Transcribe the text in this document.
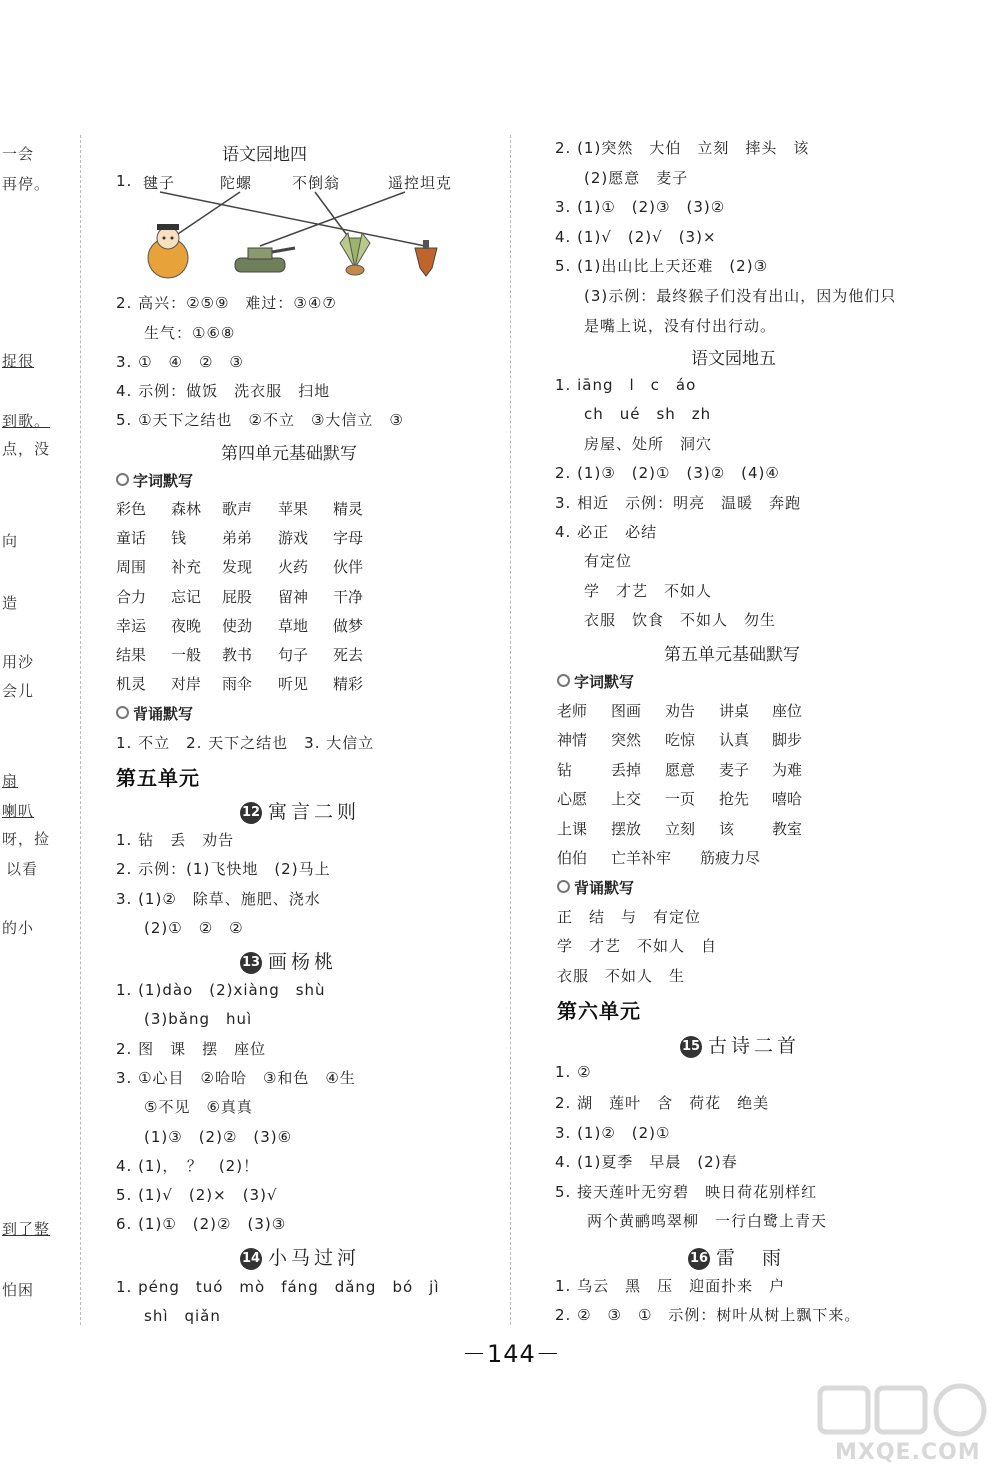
一会
再停。
捉很
到歌。
点，没
向
造
用沙
会儿
扇
喇叭
呀，捡
以看
的小
到了整
怕困
语文园地四
1. 毽子	陀螺	不倒翁	遥控坦克
2. 高兴：②⑤⑨　难过：③④⑦
生气：①⑥⑧
3. ①　④　②　③
4. 示例：做饭　洗衣服　扫地
5. ①天下之结也　②不立　③大信立　③
第四单元基础默写
字词默写
彩色 森林 歌声 苹果 精灵
童话 钱 弟弟 游戏 字母
周围 补充 发现 火药 伙伴
合力 忘记 屁股 留神 干净
幸运 夜晚 使劲 草地 做梦
结果 一般 教书 句子 死去
机灵 对岸 雨伞 听见 精彩
背诵默写
1. 不立　2. 天下之结也　3. 大信立
第五单元
12 寓言二则
1. 钻　丢　劝告
2. 示例：(1)飞快地　(2)马上
3. (1)②　除草、施肥、浇水
(2)①　②　②
13 画杨桃
1. (1)dào　(2)xiàng　shù
(3)bǎng　huì
2. 图　课　摆　座位
3. ①心目　②哈哈　③和色　④生
⑤不见　⑥真真
(1)③　(2)②　(3)⑥
4. (1)，　？　(2)！
5. (1)√　(2)×　(3)√
6. (1)①　(2)②　(3)③
14 小马过河
1. péng　tuó　mò　fáng　dǎng　bó　jì
shì　qiǎn
2. (1)突然　大伯　立刻　摔头　该
(2)愿意　麦子
3. (1)①　(2)③　(3)②
4. (1)√　(2)√　(3)×
5. (1)出山比上天还难　(2)③
(3)示例：最终猴子们没有出山，因为他们只
是嘴上说，没有付出行动。
语文园地五
1. iāng　l　c　áo
ch　ué　sh　zh
房屋、处所　洞穴
2. (1)③　(2)①　(3)②　(4)④
3. 相近　示例：明亮　温暖　奔跑
4. 必正　必结
有定位
学　才艺　不如人
衣服　饮食　不如人　勿生
第五单元基础默写
字词默写
老师 图画 劝告 讲桌 座位
神情 突然 吃惊 认真 脚步
钻	丢掉 愿意 麦子 为难
心愿 上交 一页 抢先 嘻哈
上课 摆放 立刻 该	教室
伯伯 亡羊补牢 筋疲力尽
背诵默写
正　结　与　有定位
学　才艺　不如人　自
衣服　不如人　生
第六单元
15 古诗二首
1. ②
2. 湖　莲叶　含　荷花　绝美
3. (1)②　(2)①
4. (1)夏季　早晨　(2)春
5. 接天莲叶无穷碧　映日荷花别样红
两个黄鹂鸣翠柳　一行白鹭上青天
16 雷　雨
1. 乌云　黑　压　迎面扑来　户
2. ②　③　①　示例：树叶从树上飘下来。
－144－
MXQE.COM
